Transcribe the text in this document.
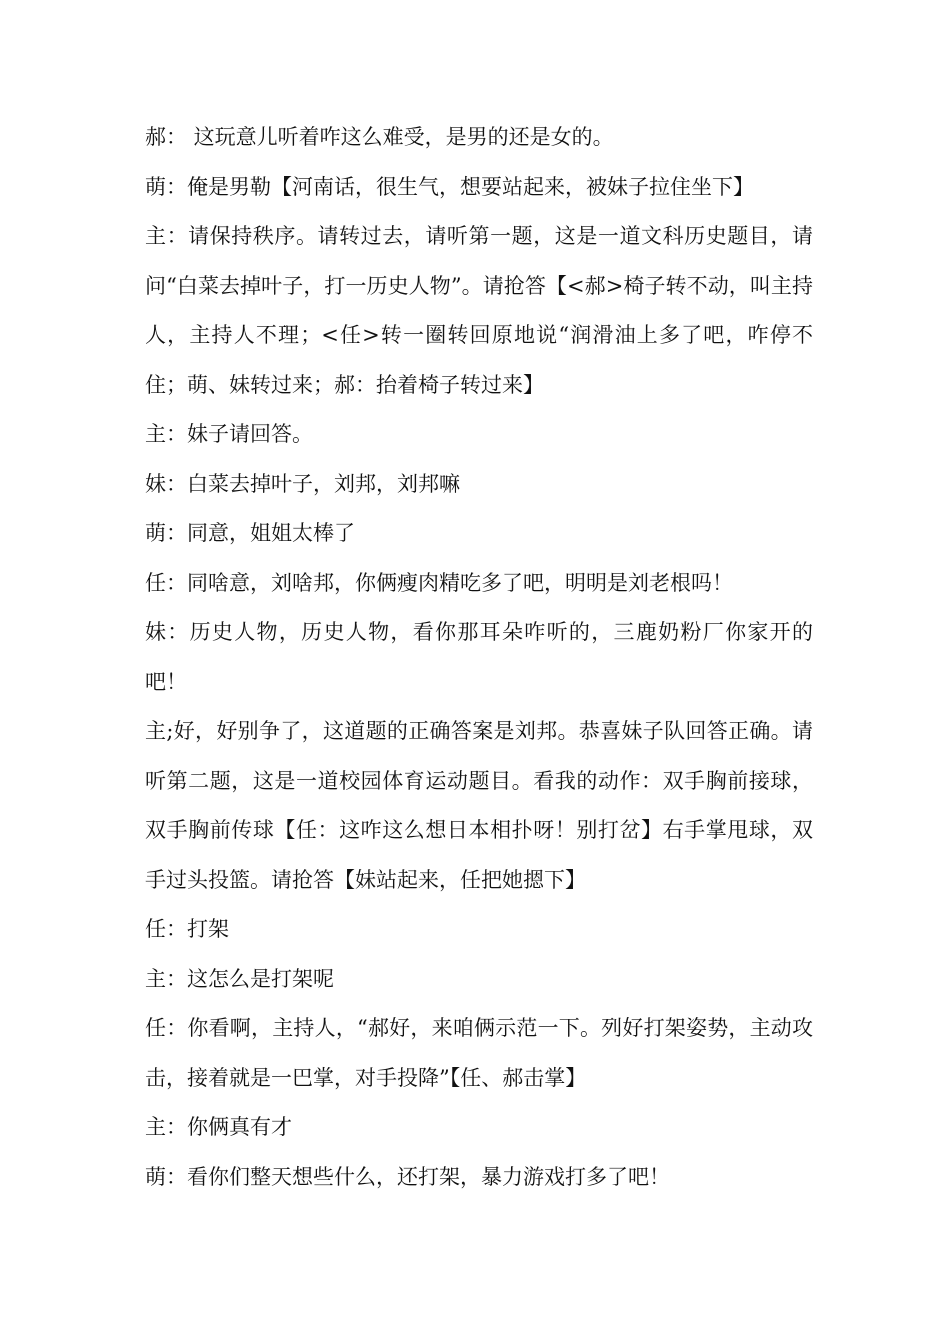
郝： 这玩意儿听着咋这么难受，是男的还是女的。

萌：俺是男勒【河南话，很生气，想要站起来，被妹子拉住坐下】

主：请保持秩序。请转过去，请听第一题，这是一道文科历史题目，请问“白菜去掉叶子，打一历史人物”。请抢答【<郝>椅子转不动，叫主持人，主持人不理；<任>转一圈转回原地说“润滑油上多了吧，咋停不住；萌、妹转过来；郝：抬着椅子转过来】

主：妹子请回答。

妹：白菜去掉叶子，刘邦，刘邦嘛

萌：同意，姐姐太棒了

任：同啥意，刘啥邦，你俩瘦肉精吃多了吧，明明是刘老根吗！

妹：历史人物，历史人物，看你那耳朵咋听的，三鹿奶粉厂你家开的吧！

主;好，好别争了，这道题的正确答案是刘邦。恭喜妹子队回答正确。请听第二题，这是一道校园体育运动题目。看我的动作：双手胸前接球，双手胸前传球【任：这咋这么想日本相扑呀！别打岔】右手掌甩球，双手过头投篮。请抢答【妹站起来，任把她摁下】

任：打架

主：这怎么是打架呢

任：你看啊，主持人，“郝好，来咱俩示范一下。列好打架姿势，主动攻击，接着就是一巴掌，对手投降”【任、郝击掌】

主：你俩真有才

萌：看你们整天想些什么，还打架，暴力游戏打多了吧！
